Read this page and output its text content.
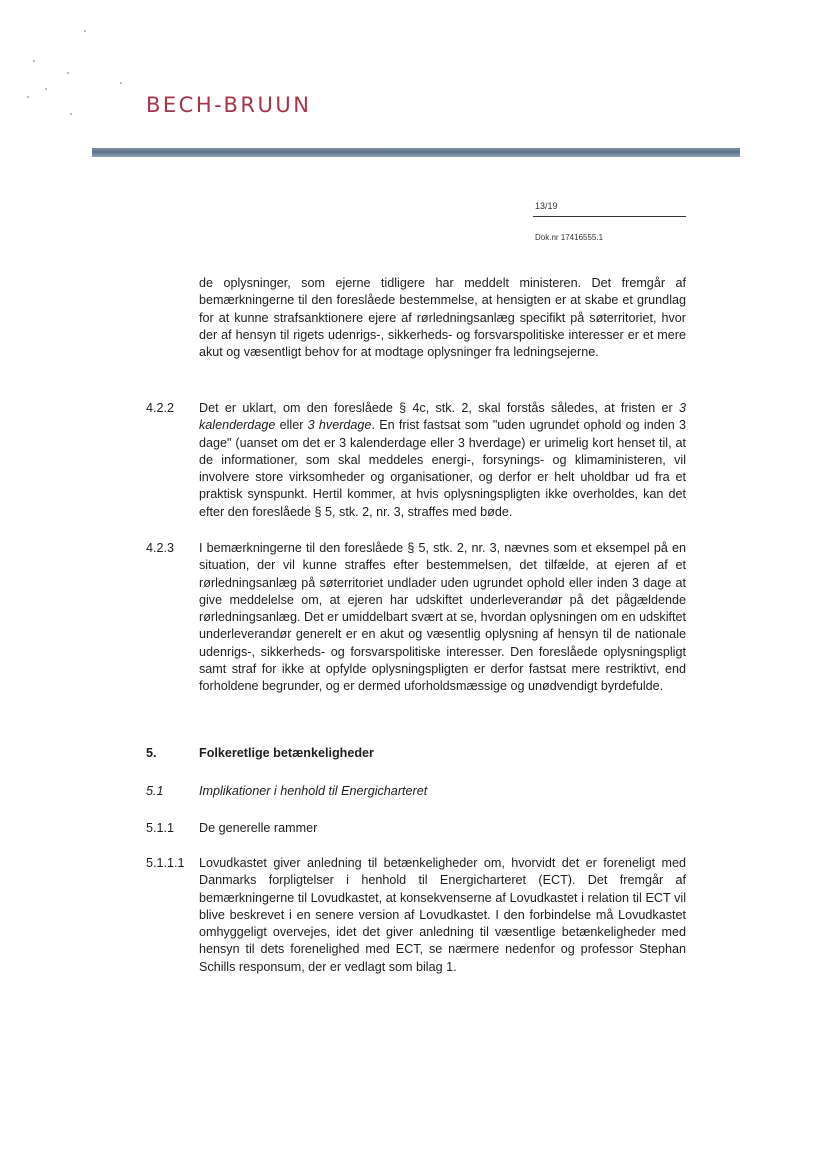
BECH-BRUUN
13/19
Dok.nr 17416555.1
de oplysninger, som ejerne tidligere har meddelt ministeren. Det fremgår af bemærkningerne til den foreslåede bestemmelse, at hensigten er at skabe et grundlag for at kunne strafsanktionere ejere af rørledningsanlæg specifikt på søterritoriet, hvor der af hensyn til rigets udenrigs-, sikkerheds- og forsvarspolitiske interesser er et mere akut og væsentligt behov for at modtage oplysninger fra ledningsejerne.
4.2.2 Det er uklart, om den foreslåede § 4c, stk. 2, skal forstås således, at fristen er 3 kalenderdage eller 3 hverdage. En frist fastsat som "uden ugrundet ophold og inden 3 dage" (uanset om det er 3 kalenderdage eller 3 hverdage) er urimelig kort henset til, at de informationer, som skal meddeles energi-, forsynings- og klimaministeren, vil involvere store virksomheder og organisationer, og derfor er helt uholdbar ud fra et praktisk synspunkt. Hertil kommer, at hvis oplysningspligten ikke overholdes, kan det efter den foreslåede § 5, stk. 2, nr. 3, straffes med bøde.
4.2.3 I bemærkningerne til den foreslåede § 5, stk. 2, nr. 3, nævnes som et eksempel på en situation, der vil kunne straffes efter bestemmelsen, det tilfælde, at ejeren af et rørledningsanlæg på søterritoriet undlader uden ugrundet ophold eller inden 3 dage at give meddelelse om, at ejeren har udskiftet underleverandør på det pågældende rørledningsanlæg. Det er umiddelbart svært at se, hvordan oplysningen om en udskiftet underleverandør generelt er en akut og væsentlig oplysning af hensyn til de nationale udenrigs-, sikkerheds- og forsvarspolitiske interesser. Den foreslåede oplysningspligt samt straf for ikke at opfylde oplysningspligten er derfor fastsat mere restriktivt, end forholdene begrunder, og er dermed uforholdsmæssige og unødvendigt byrdefulde.
5.	Folkeretlige betænkeligheder
5.1	Implikationer i henhold til Energicharteret
5.1.1 De generelle rammer
5.1.1.1 Lovudkastet giver anledning til betænkeligheder om, hvorvidt det er foreneligt med Danmarks forpligtelser i henhold til Energicharteret (ECT). Det fremgår af bemærkningerne til Lovudkastet, at konsekvenserne af Lovudkastet i relation til ECT vil blive beskrevet i en senere version af Lovudkastet. I den forbindelse må Lovudkastet omhyggeligt overvejes, idet det giver anledning til væsentlige betænkeligheder med hensyn til dets forenelighed med ECT, se nærmere nedenfor og professor Stephan Schills responsum, der er vedlagt som bilag 1.
